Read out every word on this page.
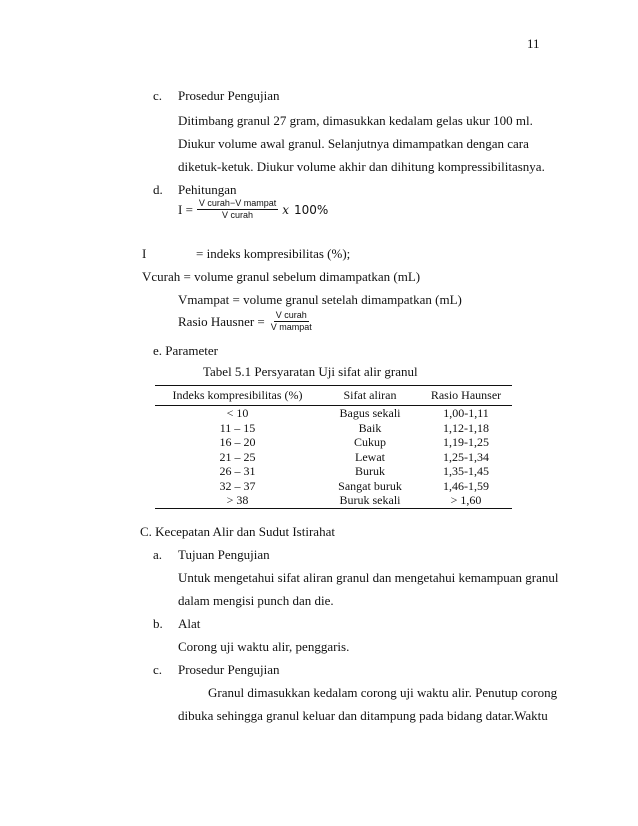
11
c. Prosedur Pengujian
Ditimbang granul 27 gram, dimasukkan kedalam gelas ukur 100 ml.
Diukur volume awal granul. Selanjutnya dimampatkan dengan cara
diketuk-ketuk. Diukur volume akhir dan dihitung kompressibilitasnya.
d. Pehitungan
$I = \frac{\text{V curah−V mampat}}{\text{V curah}}$ x 100%
I	= indeks kompresibilitas (%);
Vcurah = volume granul sebelum dimampatkan (mL)
Vmampat = volume granul setelah dimampatkan (mL)
Rasio Hausner = $\frac{\text{V curah}}{\text{V mampat}}$
e. Parameter
Tabel 5.1 Persyaratan Uji sifat alir granul
Indeks kompresibilitas (%)	Sifat aliran	Rasio Haunser
< 10	Bagus sekali	1,00-1,11
11 – 15	Baik	1,12-1,18
16 – 20	Cukup	1,19-1,25
21 – 25	Lewat	1,25-1,34
26 – 31	Buruk	1,35-1,45
32 – 37	Sangat buruk	1,46-1,59
> 38	Buruk sekali	> 1,60
C. Kecepatan Alir dan Sudut Istirahat
a. Tujuan Pengujian
Untuk mengetahui sifat aliran granul dan mengetahui kemampuan granul
dalam mengisi punch dan die.
b. Alat
Corong uji waktu alir, penggaris.
c. Prosedur Pengujian
Granul dimasukkan kedalam corong uji waktu alir. Penutup corong
dibuka sehingga granul keluar dan ditampung pada bidang datar.Waktu
